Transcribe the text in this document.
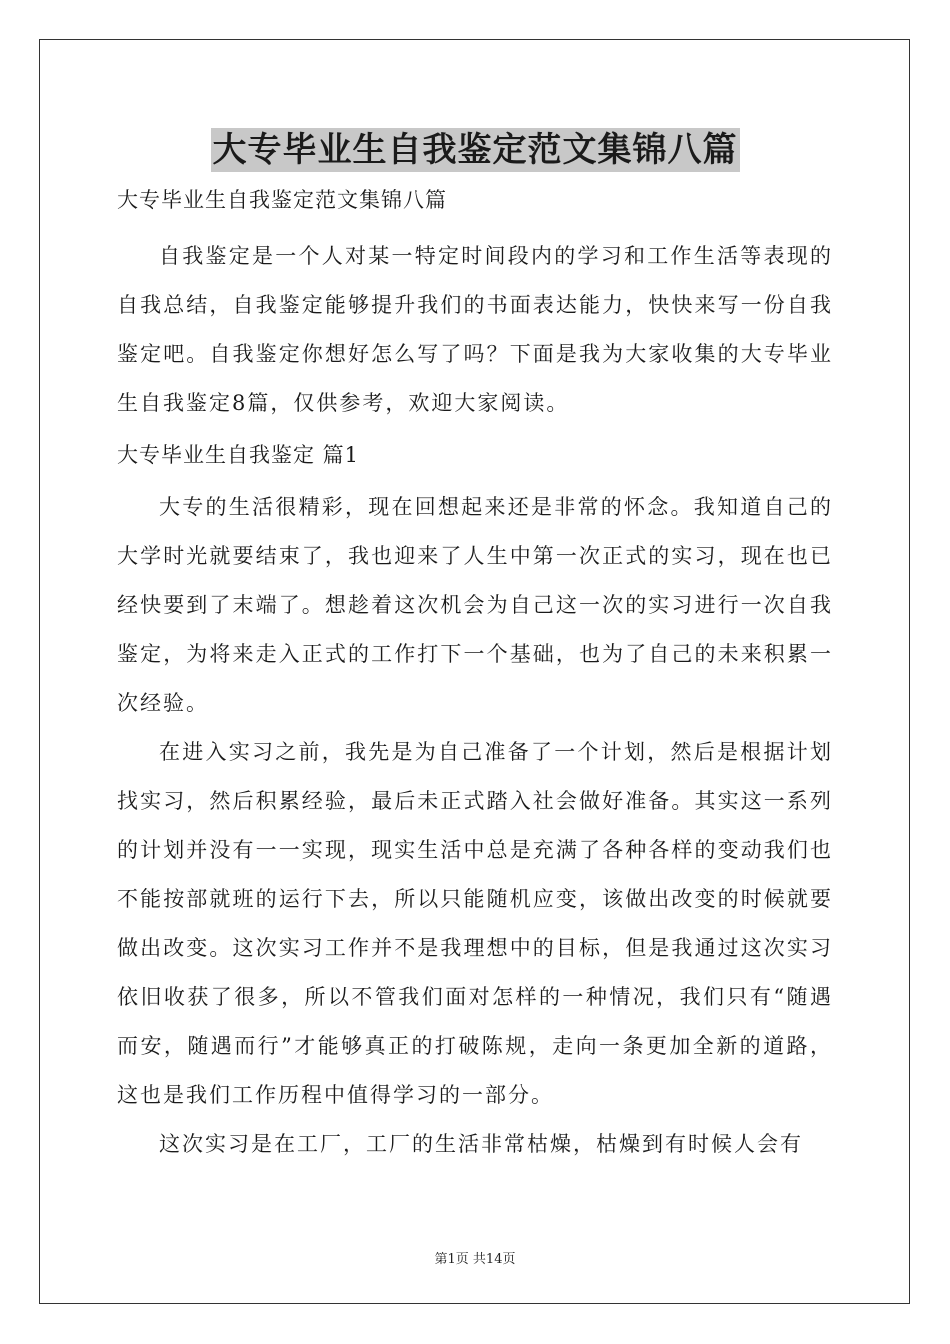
大专毕业生自我鉴定范文集锦八篇

大专毕业生自我鉴定范文集锦八篇

自我鉴定是一个人对某一特定时间段内的学习和工作生活等表现的自我总结，自我鉴定能够提升我们的书面表达能力，快快来写一份自我鉴定吧。自我鉴定你想好怎么写了吗？下面是我为大家收集的大专毕业生自我鉴定8篇，仅供参考，欢迎大家阅读。

大专毕业生自我鉴定 篇1

大专的生活很精彩，现在回想起来还是非常的怀念。我知道自己的大学时光就要结束了，我也迎来了人生中第一次正式的实习，现在也已经快要到了末端了。想趁着这次机会为自己这一次的实习进行一次自我鉴定，为将来走入正式的工作打下一个基础，也为了自己的未来积累一次经验。

在进入实习之前，我先是为自己准备了一个计划，然后是根据计划找实习，然后积累经验，最后未正式踏入社会做好准备。其实这一系列的计划并没有一一实现，现实生活中总是充满了各种各样的变动我们也不能按部就班的运行下去，所以只能随机应变，该做出改变的时候就要做出改变。这次实习工作并不是我理想中的目标，但是我通过这次实习依旧收获了很多，所以不管我们面对怎样的一种情况，我们只有“随遇而安，随遇而行”才能够真正的打破陈规，走向一条更加全新的道路，这也是我们工作历程中值得学习的一部分。

这次实习是在工厂，工厂的生活非常枯燥，枯燥到有时候人会有

第1页 共14页
